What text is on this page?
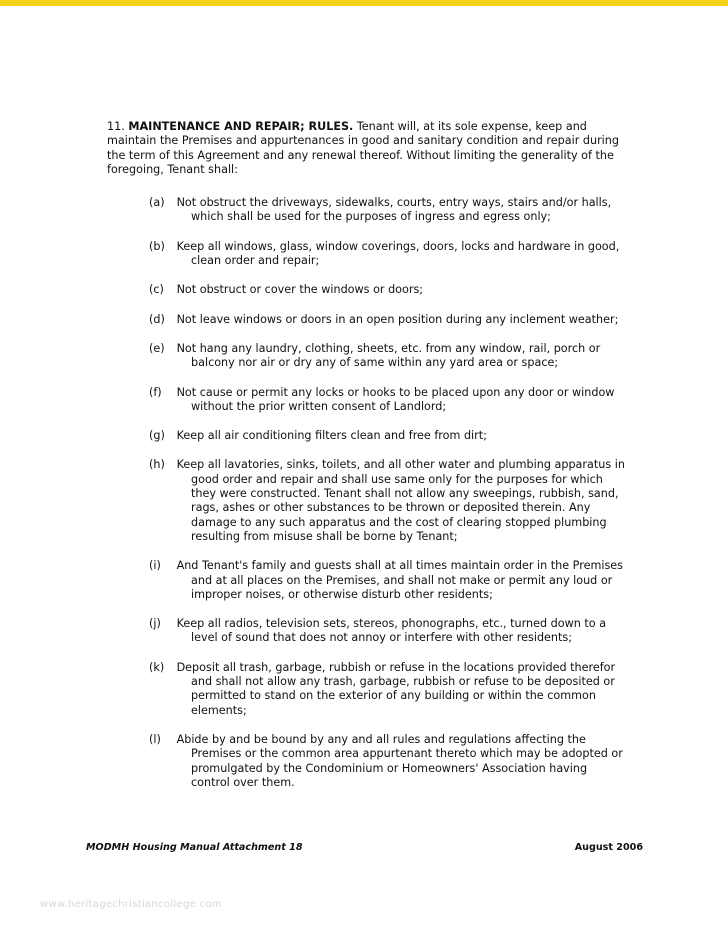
11. MAINTENANCE AND REPAIR; RULES. Tenant will, at its sole expense, keep and maintain the Premises and appurtenances in good and sanitary condition and repair during the term of this Agreement and any renewal thereof. Without limiting the generality of the foregoing, Tenant shall:
(a) Not obstruct the driveways, sidewalks, courts, entry ways, stairs and/or halls, which shall be used for the purposes of ingress and egress only;
(b) Keep all windows, glass, window coverings, doors, locks and hardware in good, clean order and repair;
(c) Not obstruct or cover the windows or doors;
(d) Not leave windows or doors in an open position during any inclement weather;
(e) Not hang any laundry, clothing, sheets, etc. from any window, rail, porch or balcony nor air or dry any of same within any yard area or space;
(f) Not cause or permit any locks or hooks to be placed upon any door or window without the prior written consent of Landlord;
(g) Keep all air conditioning filters clean and free from dirt;
(h) Keep all lavatories, sinks, toilets, and all other water and plumbing apparatus in good order and repair and shall use same only for the purposes for which they were constructed. Tenant shall not allow any sweepings, rubbish, sand, rags, ashes or other substances to be thrown or deposited therein. Any damage to any such apparatus and the cost of clearing stopped plumbing resulting from misuse shall be borne by Tenant;
(i) And Tenant's family and guests shall at all times maintain order in the Premises and at all places on the Premises, and shall not make or permit any loud or improper noises, or otherwise disturb other residents;
(j) Keep all radios, television sets, stereos, phonographs, etc., turned down to a level of sound that does not annoy or interfere with other residents;
(k) Deposit all trash, garbage, rubbish or refuse in the locations provided therefor and shall not allow any trash, garbage, rubbish or refuse to be deposited or permitted to stand on the exterior of any building or within the common elements;
(l) Abide by and be bound by any and all rules and regulations affecting the Premises or the common area appurtenant thereto which may be adopted or promulgated by the Condominium or Homeowners' Association having control over them.
MODMH Housing Manual Attachment 18	August 2006
www.heritagechristiancollege.com
